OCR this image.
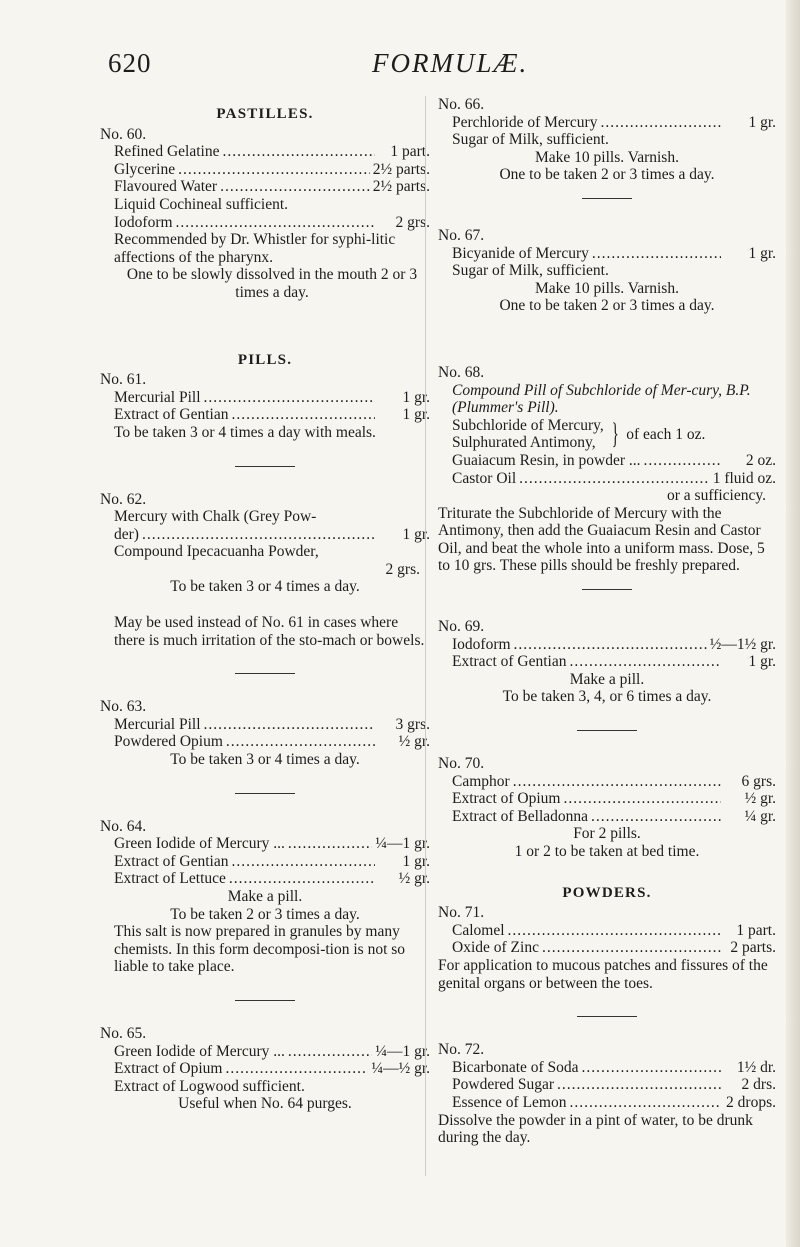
620	FORMULÆ.
PASTILLES.
No. 60.
Refined Gelatine .....	1 part.
Glycerine .....	2½ parts.
Flavoured Water .....	2½ parts.
Liquid Cochineal sufficient.
Iodoform .....	2 grs.
Recommended by Dr. Whistler for syphi-litic affections of the pharynx.
One to be slowly dissolved in the mouth 2 or 3 times a day.
PILLS.
No. 61.
Mercurial Pill .....	1 gr.
Extract of Gentian .....	1 gr.
To be taken 3 or 4 times a day with meals.
No. 62.
Mercury with Chalk (Grey Pow-
der) .....	1 gr.
Compound Ipecacuanha Powder,
2 grs.
To be taken 3 or 4 times a day.
May be used instead of No. 61 in cases where there is much irritation of the sto-mach or bowels.
No. 63.
Mercurial Pill .....	3 grs.
Powdered Opium .....	½ gr.
To be taken 3 or 4 times a day.
No. 64.
Green Iodide of Mercury ... .....	¼—1 gr.
Extract of Gentian .....	1 gr.
Extract of Lettuce .....	½ gr.
Make a pill.
To be taken 2 or 3 times a day.
This salt is now prepared in granules by many chemists. In this form decomposi-tion is not so liable to take place.
No. 65.
Green Iodide of Mercury ... .....	¼—1 gr.
Extract of Opium .....	¼—½ gr.
Extract of Logwood sufficient.
Useful when No. 64 purges.
No. 66.
Perchloride of Mercury .....	1 gr.
Sugar of Milk, sufficient.
Make 10 pills. Varnish.
One to be taken 2 or 3 times a day.
No. 67.
Bicyanide of Mercury .....	1 gr.
Sugar of Milk, sufficient.
Make 10 pills. Varnish.
One to be taken 2 or 3 times a day.
No. 68.
Compound Pill of Subchloride of Mer-cury, B.P. (Plummer's Pill).
Subchloride of Mercury,
Sulphurated Antimony, } of each 1 oz.
Guaiacum Resin, in powder ... .....	2 oz.
Castor Oil .....	1 fluid oz.
or a sufficiency.
Triturate the Subchloride of Mercury with the Antimony, then add the Guaiacum Resin and Castor Oil, and beat the whole into a uniform mass. Dose, 5 to 10 grs. These pills should be freshly prepared.
No. 69.
Iodoform .....	½—1½ gr.
Extract of Gentian .....	1 gr.
Make a pill.
To be taken 3, 4, or 6 times a day.
No. 70.
Camphor .....	6 grs.
Extract of Opium .....	½ gr.
Extract of Belladonna .....	¼ gr.
For 2 pills.
1 or 2 to be taken at bed time.
POWDERS.
No. 71.
Calomel .....	1 part.
Oxide of Zinc .....	2 parts.
For application to mucous patches and fissures of the genital organs or between the toes.
No. 72.
Bicarbonate of Soda .....	1½ dr.
Powdered Sugar .....	2 drs.
Essence of Lemon .....	2 drops.
Dissolve the powder in a pint of water, to be drunk during the day.
